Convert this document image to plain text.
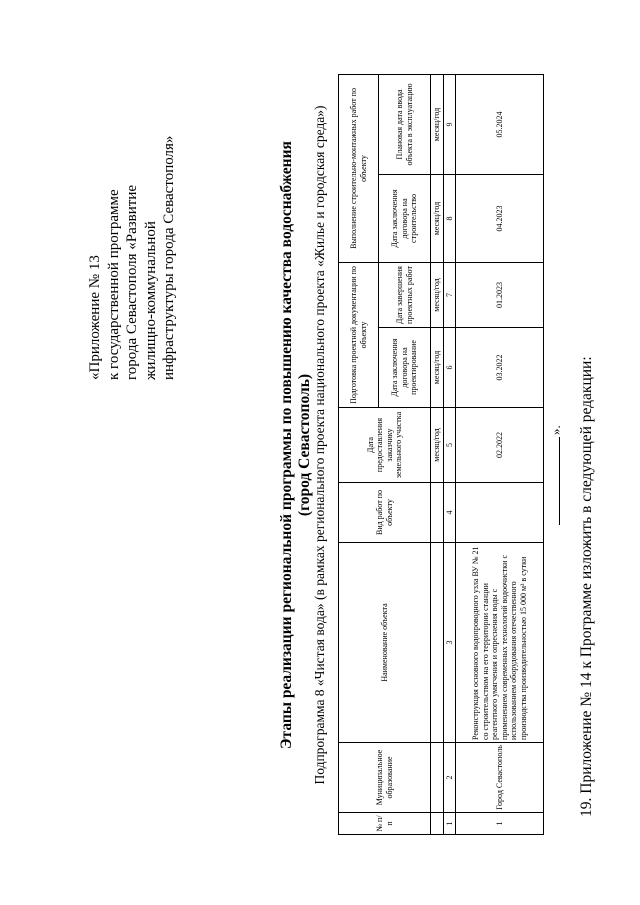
«Приложение № 13 к государственной программе города Севастополя «Развитие жилищно-коммунальной инфраструктуры города Севастополя»	Этапы реализации региональной программы по повышению качества водоснабжения (город Севастополь) Подпрограмма 8 «Чистая вода» (в рамках регионального проекта национального проекта «Жилье и городская среда»)
№ п/п	Муниципальное образование	Наименование объекта	Вид работ по объекту	Дата предоставления заказчику земельного участка	Подготовка проектной документации по объекту		Выполнение строительно-монтажных работ по объекту	
					Дата заключения договора на проектирование	Дата завершения проектных работ	Дата заключения договора на строительство	Плановая дата ввода объекта в эксплуатацию
				месяц/год	месяц/год	месяц/год	месяц/год	месяц/год
1	2	3	4	5	6	7	8	9
1	Город Севастополь	Реконструкция основного водопроводного узла ВУ № 21 со строительством на его территории станции реагентного умягчения и опреснения воды с применением современных технологий водоочистки с использованием оборудования отечественного производства производительностью 15 000 м³ в сутки		02.2022	03.2022	01.2023	04.2023	05.2024
». 19. Приложение № 14 к Программе изложить в следующей редакции:
